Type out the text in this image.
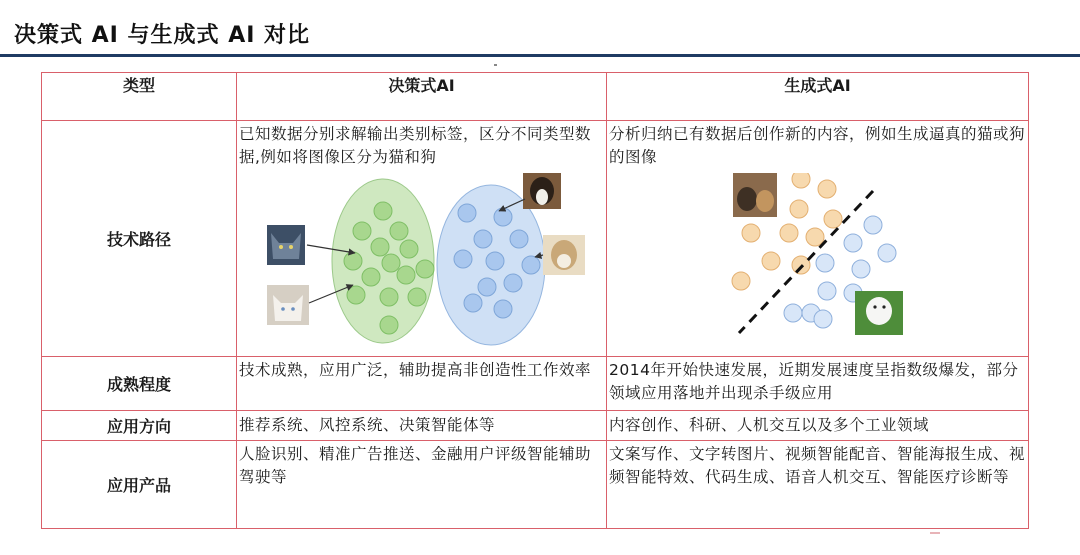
决策式 AI 与生成式 AI 对比
类型	决策式AI	生成式AI
技术路径	已知数据分别求解输出类别标签，区分不同类型数据,例如将图像区分为猫和狗	分析归纳已有数据后创作新的内容，例如生成逼真的猫或狗的图像

成熟程度	技术成熟，应用广泛，辅助提高非创造性工作效率	2014年开始快速发展，近期发展速度呈指数级爆发，部分领域应用落地并出现杀手级应用

应用方向	推荐系统、风控系统、决策智能体等	内容创作、科研、人机交互以及多个工业领域

应用产品	人脸识别、精准广告推送、金融用户评级智能辅助驾驶等	文案写作、文字转图片、视频智能配音、智能海报生成、视频智能特效、代码生成、语音人机交互、智能医疗诊断等
